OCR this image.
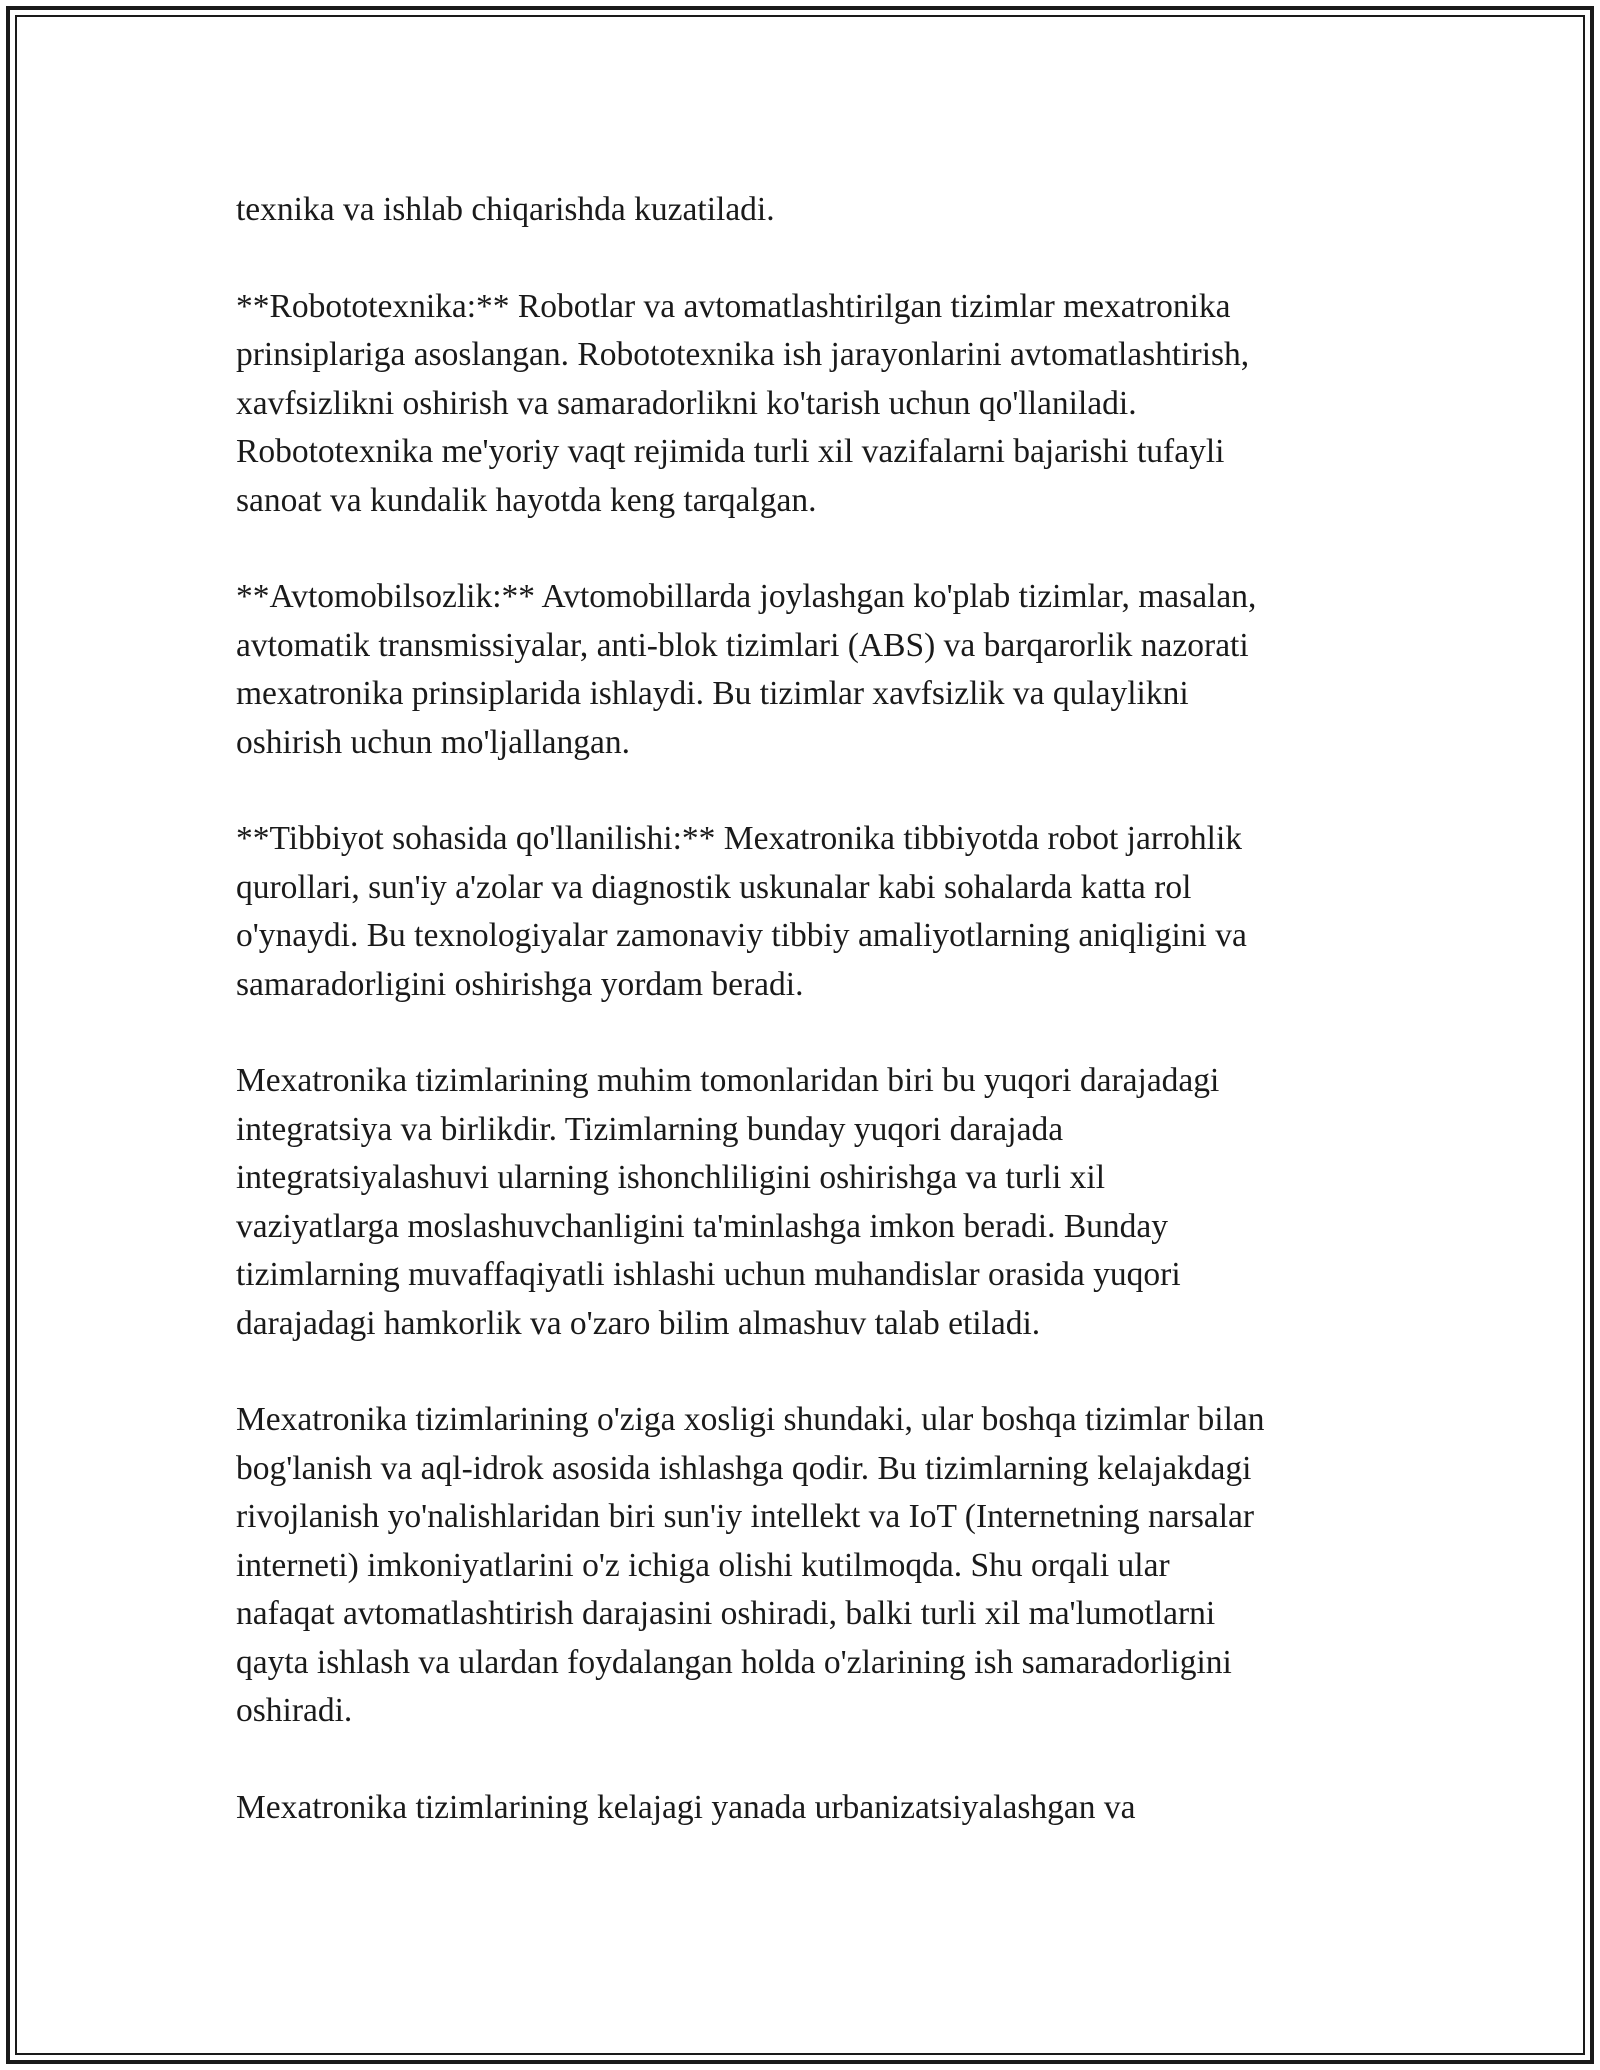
texnika va ishlab chiqarishda kuzatiladi.

**Robototexnika:** Robotlar va avtomatlashtirilgan tizimlar mexatronika
prinsiplariga asoslangan. Robototexnika ish jarayonlarini avtomatlashtirish,
xavfsizlikni oshirish va samaradorlikni ko'tarish uchun qo'llaniladi.
Robototexnika me'yoriy vaqt rejimida turli xil vazifalarni bajarishi tufayli
sanoat va kundalik hayotda keng tarqalgan.

**Avtomobilsozlik:** Avtomobillarda joylashgan ko'plab tizimlar, masalan,
avtomatik transmissiyalar, anti-blok tizimlari (ABS) va barqarorlik nazorati
mexatronika prinsiplarida ishlaydi. Bu tizimlar xavfsizlik va qulaylikni
oshirish uchun mo'ljallangan.

**Tibbiyot sohasida qo'llanilishi:** Mexatronika tibbiyotda robot jarrohlik
qurollari, sun'iy a'zolar va diagnostik uskunalar kabi sohalarda katta rol
o'ynaydi. Bu texnologiyalar zamonaviy tibbiy amaliyotlarning aniqligini va
samaradorligini oshirishga yordam beradi.

Mexatronika tizimlarining muhim tomonlaridan biri bu yuqori darajadagi
integratsiya va birlikdir. Tizimlarning bunday yuqori darajada
integratsiyalashuvi ularning ishonchliligini oshirishga va turli xil
vaziyatlarga moslashuvchanligini ta'minlashga imkon beradi. Bunday
tizimlarning muvaffaqiyatli ishlashi uchun muhandislar orasida yuqori
darajadagi hamkorlik va o'zaro bilim almashuv talab etiladi.

Mexatronika tizimlarining o'ziga xosligi shundaki, ular boshqa tizimlar bilan
bog'lanish va aql-idrok asosida ishlashga qodir. Bu tizimlarning kelajakdagi
rivojlanish yo'nalishlaridan biri sun'iy intellekt va IoT (Internetning narsalar
interneti) imkoniyatlarini o'z ichiga olishi kutilmoqda. Shu orqali ular
nafaqat avtomatlashtirish darajasini oshiradi, balki turli xil ma'lumotlarni
qayta ishlash va ulardan foydalangan holda o'zlarining ish samaradorligini
oshiradi.

Mexatronika tizimlarining kelajagi yanada urbanizatsiyalashgan va
